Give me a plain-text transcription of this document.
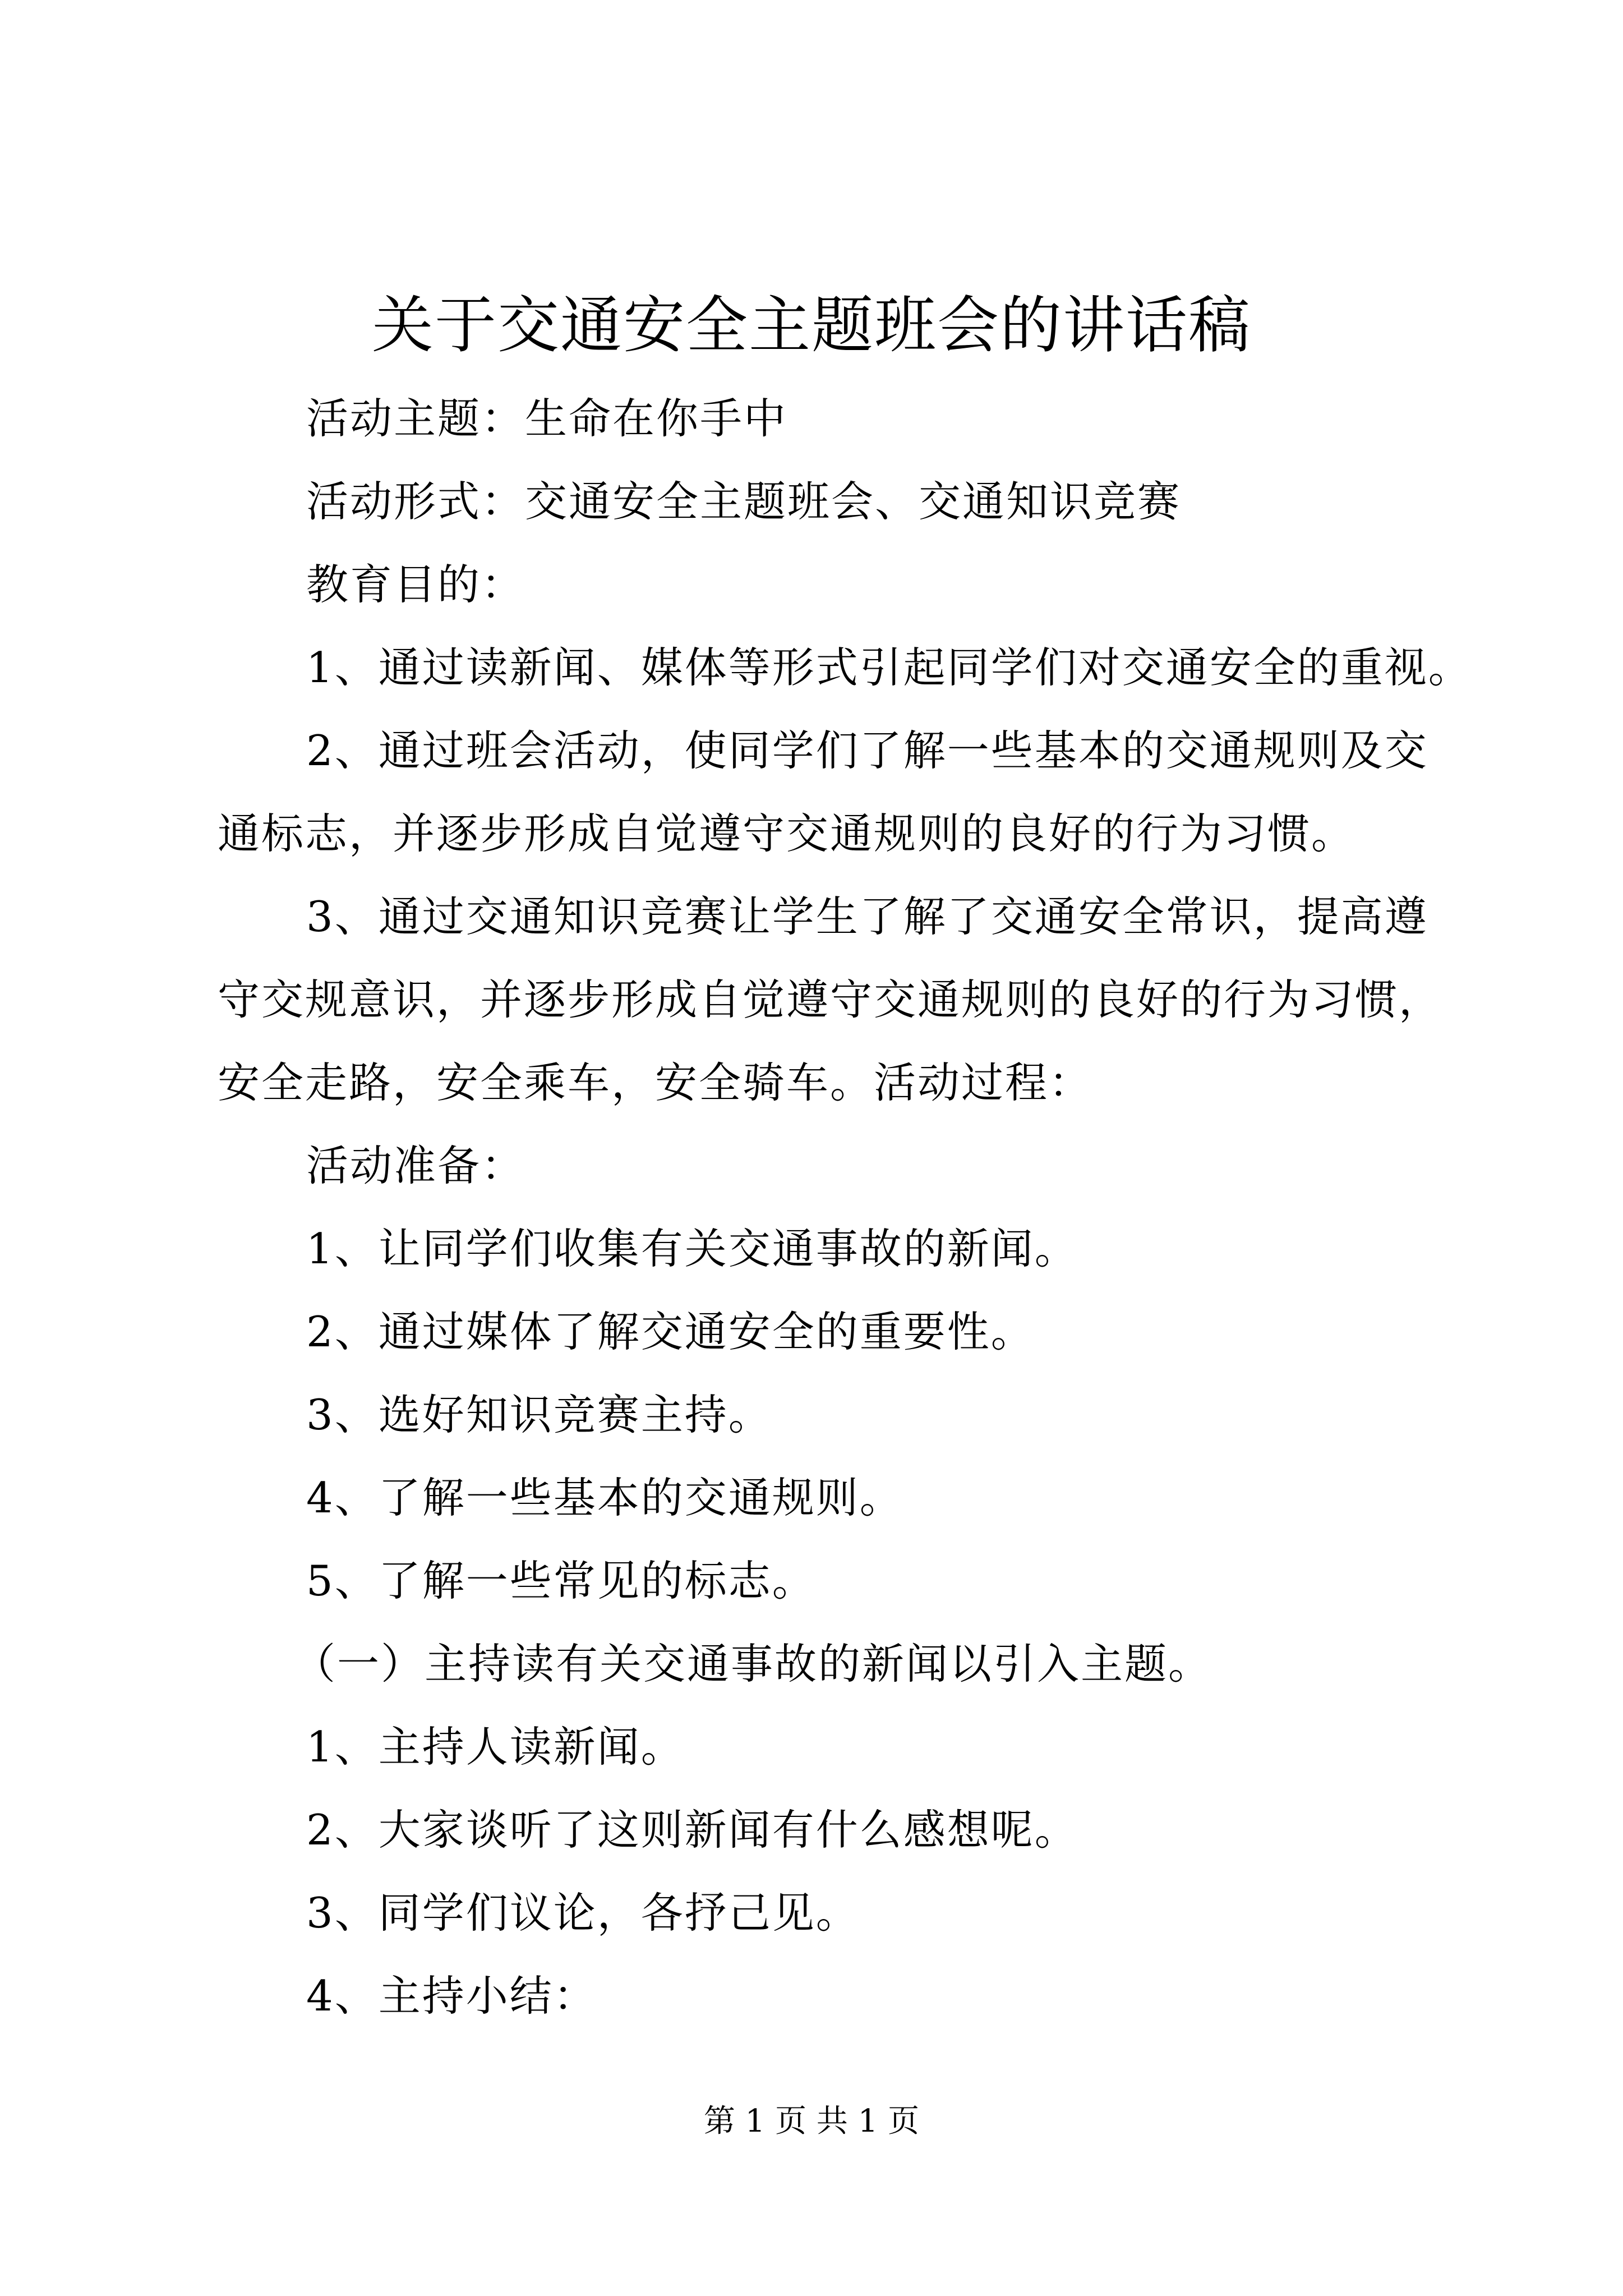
关于交通安全主题班会的讲话稿

活动主题：生命在你手中

活动形式：交通安全主题班会、交通知识竞赛

教育目的：

1、通过读新闻、媒体等形式引起同学们对交通安全的重视。

2、通过班会活动，使同学们了解一些基本的交通规则及交
通标志，并逐步形成自觉遵守交通规则的良好的行为习惯。

3、通过交通知识竞赛让学生了解了交通安全常识，提高遵
守交规意识，并逐步形成自觉遵守交通规则的良好的行为习惯，
安全走路，安全乘车，安全骑车。活动过程：

活动准备：

1、让同学们收集有关交通事故的新闻。

2、通过媒体了解交通安全的重要性。

3、选好知识竞赛主持。

4、了解一些基本的交通规则。

5、了解一些常见的标志。

（一）主持读有关交通事故的新闻以引入主题。

1、主持人读新闻。

2、大家谈听了这则新闻有什么感想呢。

3、同学们议论，各抒己见。

4、主持小结：

第 1 页 共 1 页
